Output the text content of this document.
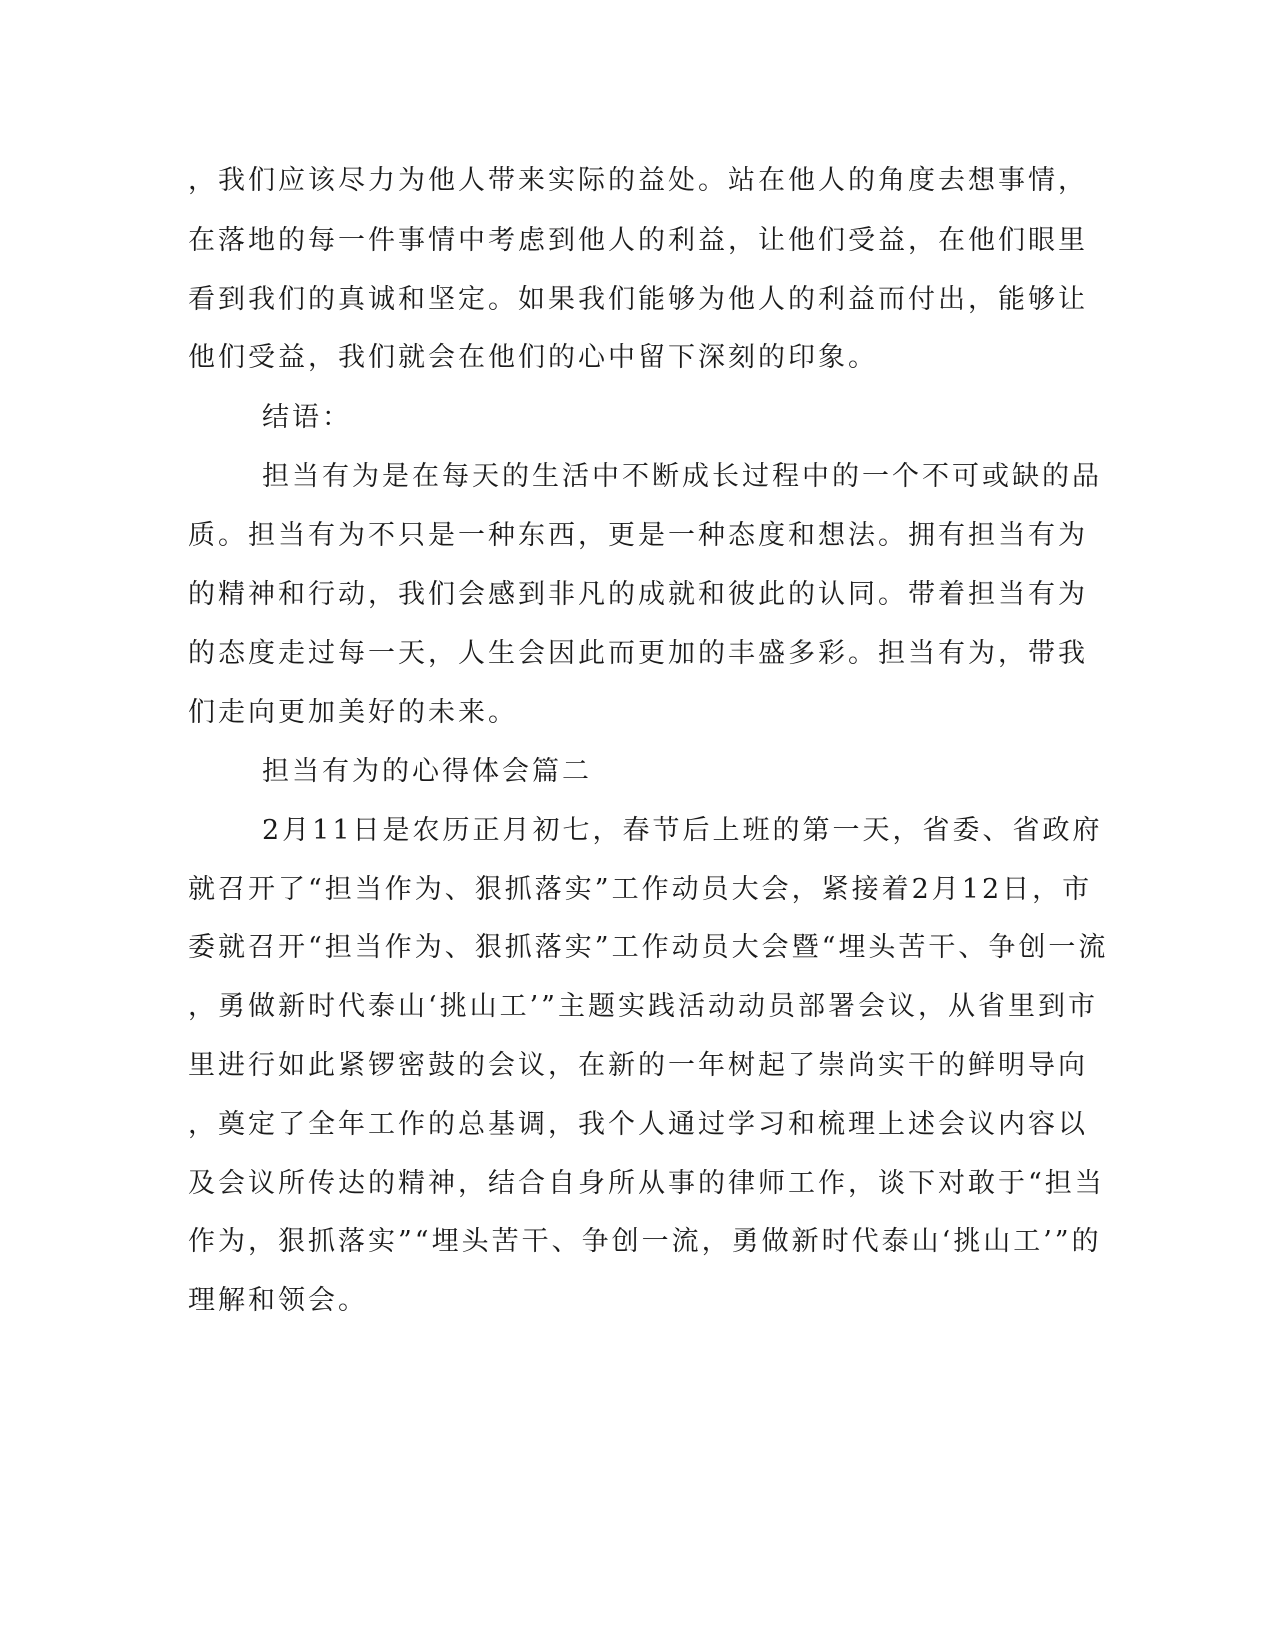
，我们应该尽力为他人带来实际的益处。站在他人的角度去想事情，
在落地的每一件事情中考虑到他人的利益，让他们受益，在他们眼里
看到我们的真诚和坚定。如果我们能够为他人的利益而付出，能够让
他们受益，我们就会在他们的心中留下深刻的印象。
结语：
担当有为是在每天的生活中不断成长过程中的一个不可或缺的品
质。担当有为不只是一种东西，更是一种态度和想法。拥有担当有为
的精神和行动，我们会感到非凡的成就和彼此的认同。带着担当有为
的态度走过每一天，人生会因此而更加的丰盛多彩。担当有为，带我
们走向更加美好的未来。
担当有为的心得体会篇二
2月11日是农历正月初七，春节后上班的第一天，省委、省政府
就召开了“担当作为、狠抓落实”工作动员大会，紧接着2月12日，市
委就召开“担当作为、狠抓落实”工作动员大会暨“埋头苦干、争创一流
，勇做新时代泰山‘挑山工’”主题实践活动动员部署会议，从省里到市
里进行如此紧锣密鼓的会议，在新的一年树起了崇尚实干的鲜明导向
，奠定了全年工作的总基调，我个人通过学习和梳理上述会议内容以
及会议所传达的精神，结合自身所从事的律师工作，谈下对敢于“担当
作为，狠抓落实”“埋头苦干、争创一流，勇做新时代泰山‘挑山工’”的
理解和领会。
